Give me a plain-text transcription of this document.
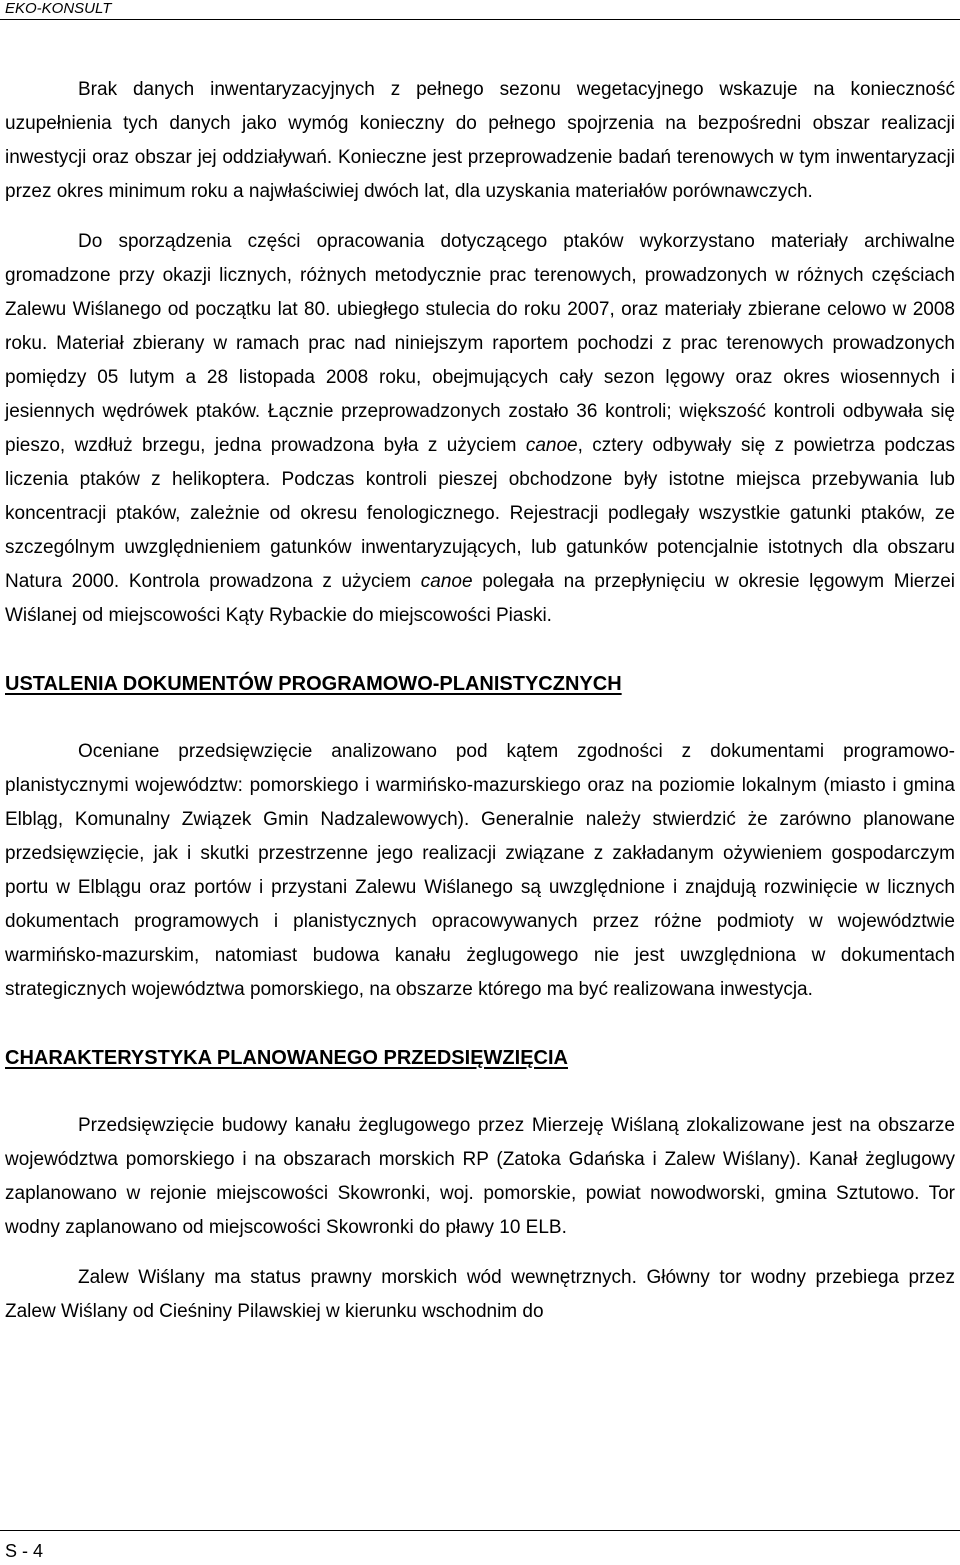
EKO-KONSULT

Brak danych inwentaryzacyjnych z pełnego sezonu wegetacyjnego wskazuje na konieczność uzupełnienia tych danych jako wymóg konieczny do pełnego spojrzenia na bezpośredni obszar realizacji inwestycji oraz obszar jej oddziaływań. Konieczne jest przeprowadzenie badań terenowych w tym inwentaryzacji przez okres minimum roku a najwłaściwiej dwóch lat, dla uzyskania materiałów porównawczych.

Do sporządzenia części opracowania dotyczącego ptaków wykorzystano materiały archiwalne gromadzone przy okazji licznych, różnych metodycznie prac terenowych, prowadzonych w różnych częściach Zalewu Wiślanego od początku lat 80. ubiegłego stulecia do roku 2007, oraz materiały zbierane celowo w 2008 roku. Materiał zbierany w ramach prac nad niniejszym raportem pochodzi z prac terenowych prowadzonych pomiędzy 05 lutym a 28 listopada 2008 roku, obejmujących cały sezon lęgowy oraz okres wiosennych i jesiennych wędrówek ptaków. Łącznie przeprowadzonych zostało 36 kontroli; większość kontroli odbywała się pieszo, wzdłuż brzegu, jedna prowadzona była z użyciem canoe, cztery odbywały się z powietrza podczas liczenia ptaków z helikoptera. Podczas kontroli pieszej obchodzone były istotne miejsca przebywania lub koncentracji ptaków, zależnie od okresu fenologicznego. Rejestracji podlegały wszystkie gatunki ptaków, ze szczególnym uwzględnieniem gatunków inwentaryzujących, lub gatunków potencjalnie istotnych dla obszaru Natura 2000. Kontrola prowadzona z użyciem canoe polegała na przepłynięciu w okresie lęgowym Mierzei Wiślanej od miejscowości Kąty Rybackie do miejscowości Piaski.

USTALENIA DOKUMENTÓW PROGRAMOWO-PLANISTYCZNYCH

Oceniane przedsięwzięcie analizowano pod kątem zgodności z dokumentami programowo-planistycznymi województw: pomorskiego i warmińsko-mazurskiego oraz na poziomie lokalnym (miasto i gmina Elbląg, Komunalny Związek Gmin Nadzalewowych). Generalnie należy stwierdzić że zarówno planowane przedsięwzięcie, jak i skutki przestrzenne jego realizacji związane z zakładanym ożywieniem gospodarczym portu w Elblągu oraz portów i przystani Zalewu Wiślanego są uwzględnione i znajdują rozwinięcie w licznych dokumentach programowych i planistycznych opracowywanych przez różne podmioty w województwie warmińsko-mazurskim, natomiast budowa kanału żeglugowego nie jest uwzględniona w dokumentach strategicznych województwa pomorskiego, na obszarze którego ma być realizowana inwestycja.

CHARAKTERYSTYKA PLANOWANEGO PRZEDSIĘWZIĘCIA

Przedsięwzięcie budowy kanału żeglugowego przez Mierzeję Wiślaną zlokalizowane jest na obszarze województwa pomorskiego i na obszarach morskich RP (Zatoka Gdańska i Zalew Wiślany). Kanał żeglugowy zaplanowano w rejonie miejscowości Skowronki, woj. pomorskie, powiat nowodworski, gmina Sztutowo. Tor wodny zaplanowano od miejscowości Skowronki do pławy 10 ELB.

Zalew Wiślany ma status prawny morskich wód wewnętrznych. Główny tor wodny przebiega przez Zalew Wiślany od Cieśniny Pilawskiej w kierunku wschodnim do

S - 4
